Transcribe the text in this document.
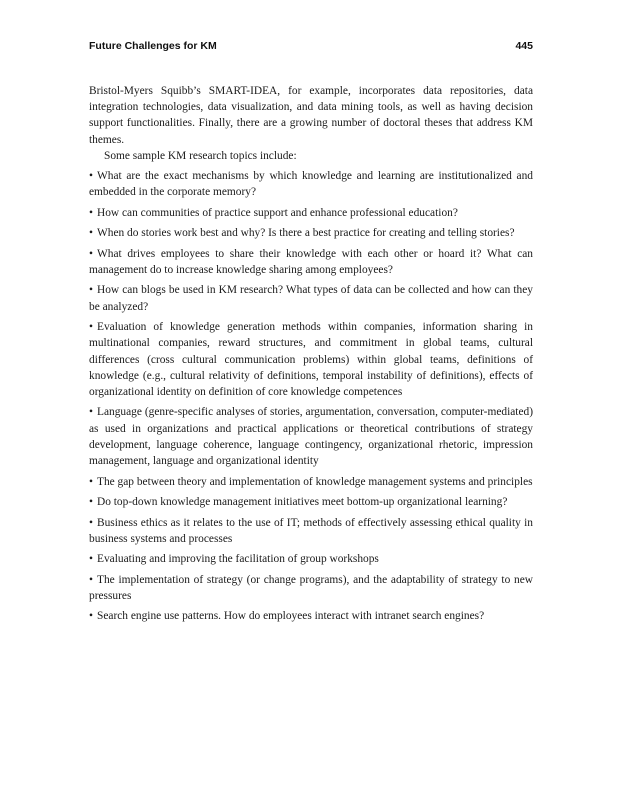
Future Challenges for KM	445

Bristol-Myers Squibb’s SMART-IDEA, for example, incorporates data repositories, data integration technologies, data visualization, and data mining tools, as well as having decision support functionalities. Finally, there are a growing number of doctoral theses that address KM themes.

Some sample KM research topics include:

• What are the exact mechanisms by which knowledge and learning are institutionalized and embedded in the corporate memory?
• How can communities of practice support and enhance professional education?
• When do stories work best and why? Is there a best practice for creating and telling stories?
• What drives employees to share their knowledge with each other or hoard it? What can management do to increase knowledge sharing among employees?
• How can blogs be used in KM research? What types of data can be collected and how can they be analyzed?
• Evaluation of knowledge generation methods within companies, information sharing in multinational companies, reward structures, and commitment in global teams, cultural differences (cross cultural communication problems) within global teams, definitions of knowledge (e.g., cultural relativity of definitions, temporal instability of definitions), effects of organizational identity on definition of core knowledge competences
• Language (genre-specific analyses of stories, argumentation, conversation, computer-mediated) as used in organizations and practical applications or theoretical contributions of strategy development, language coherence, language contingency, organizational rhetoric, impression management, language and organizational identity
• The gap between theory and implementation of knowledge management systems and principles
• Do top-down knowledge management initiatives meet bottom-up organizational learning?
• Business ethics as it relates to the use of IT; methods of effectively assessing ethical quality in business systems and processes
• Evaluating and improving the facilitation of group workshops
• The implementation of strategy (or change programs), and the adaptability of strategy to new pressures
• Search engine use patterns. How do employees interact with intranet search engines?
